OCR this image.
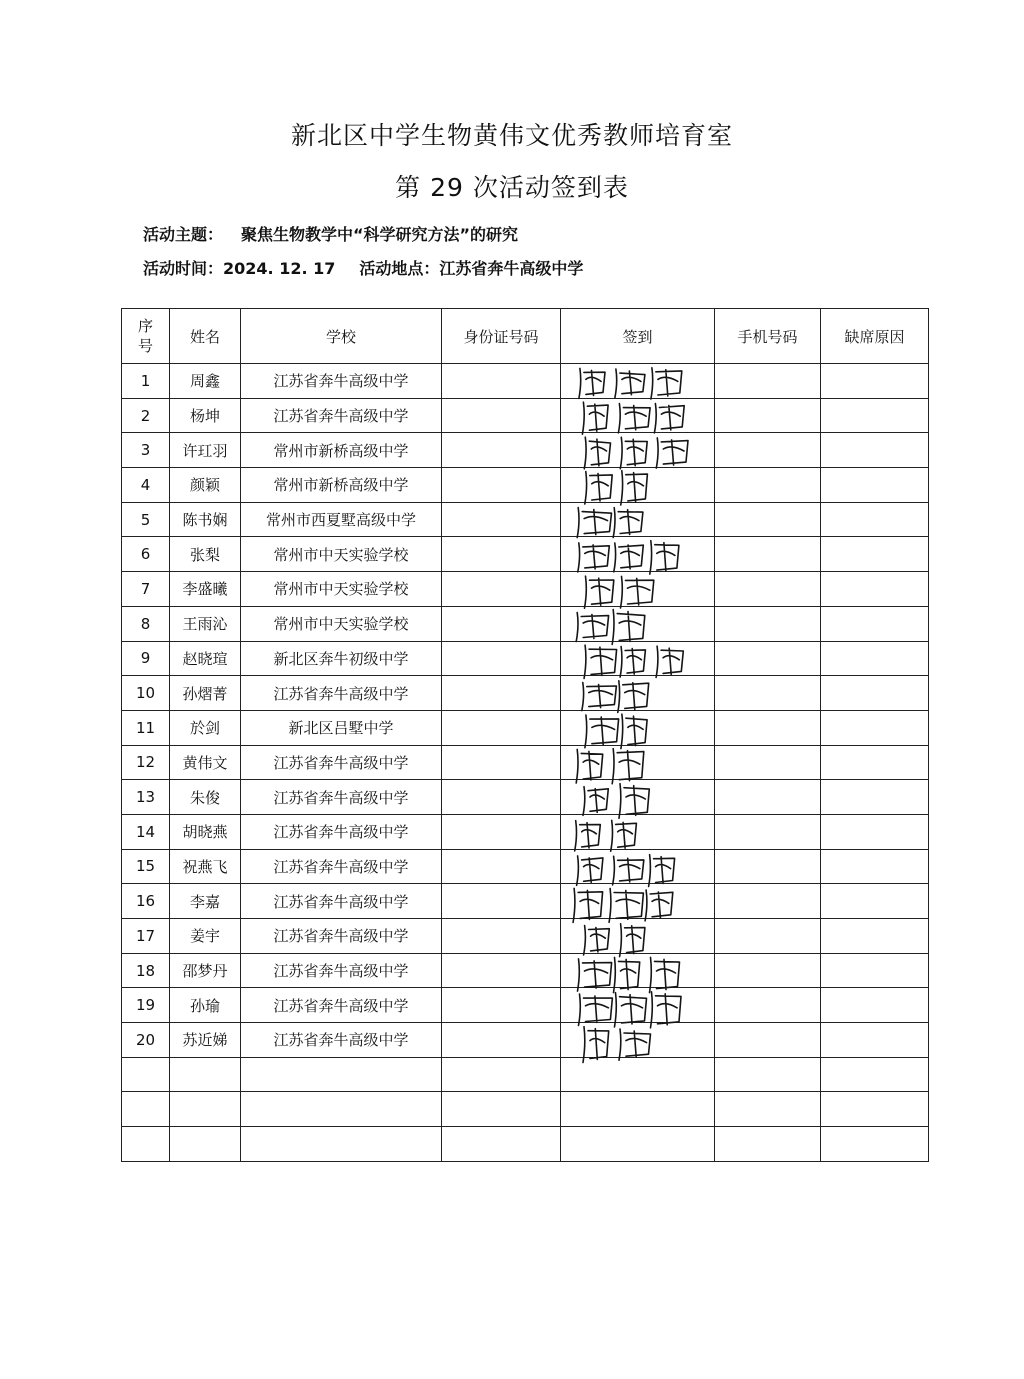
新北区中学生物黄伟文优秀教师培育室
第 29 次活动签到表
活动主题： 聚焦生物教学中“科学研究方法”的研究
活动时间：2024. 12. 17 活动地点：江苏省奔牛高级中学
序
号	姓名	学校	身份证号码	签到	手机号码	缺席原因
1	周鑫	江苏省奔牛高级中学				
2	杨坤	江苏省奔牛高级中学				
3	许玒羽	常州市新桥高级中学				
4	颜颖	常州市新桥高级中学				
5	陈书娴	常州市西夏墅高级中学				
6	张梨	常州市中天实验学校				
7	李盛曦	常州市中天实验学校				
8	王雨沁	常州市中天实验学校				
9	赵晓瑄	新北区奔牛初级中学				
10	孙熠菁	江苏省奔牛高级中学				
11	於剑	新北区吕墅中学				
12	黄伟文	江苏省奔牛高级中学				
13	朱俊	江苏省奔牛高级中学				
14	胡晓燕	江苏省奔牛高级中学				
15	祝燕飞	江苏省奔牛高级中学				
16	李嘉	江苏省奔牛高级中学				
17	姜宇	江苏省奔牛高级中学				
18	邵梦丹	江苏省奔牛高级中学				
19	孙瑜	江苏省奔牛高级中学				
20	苏近娣	江苏省奔牛高级中学				
